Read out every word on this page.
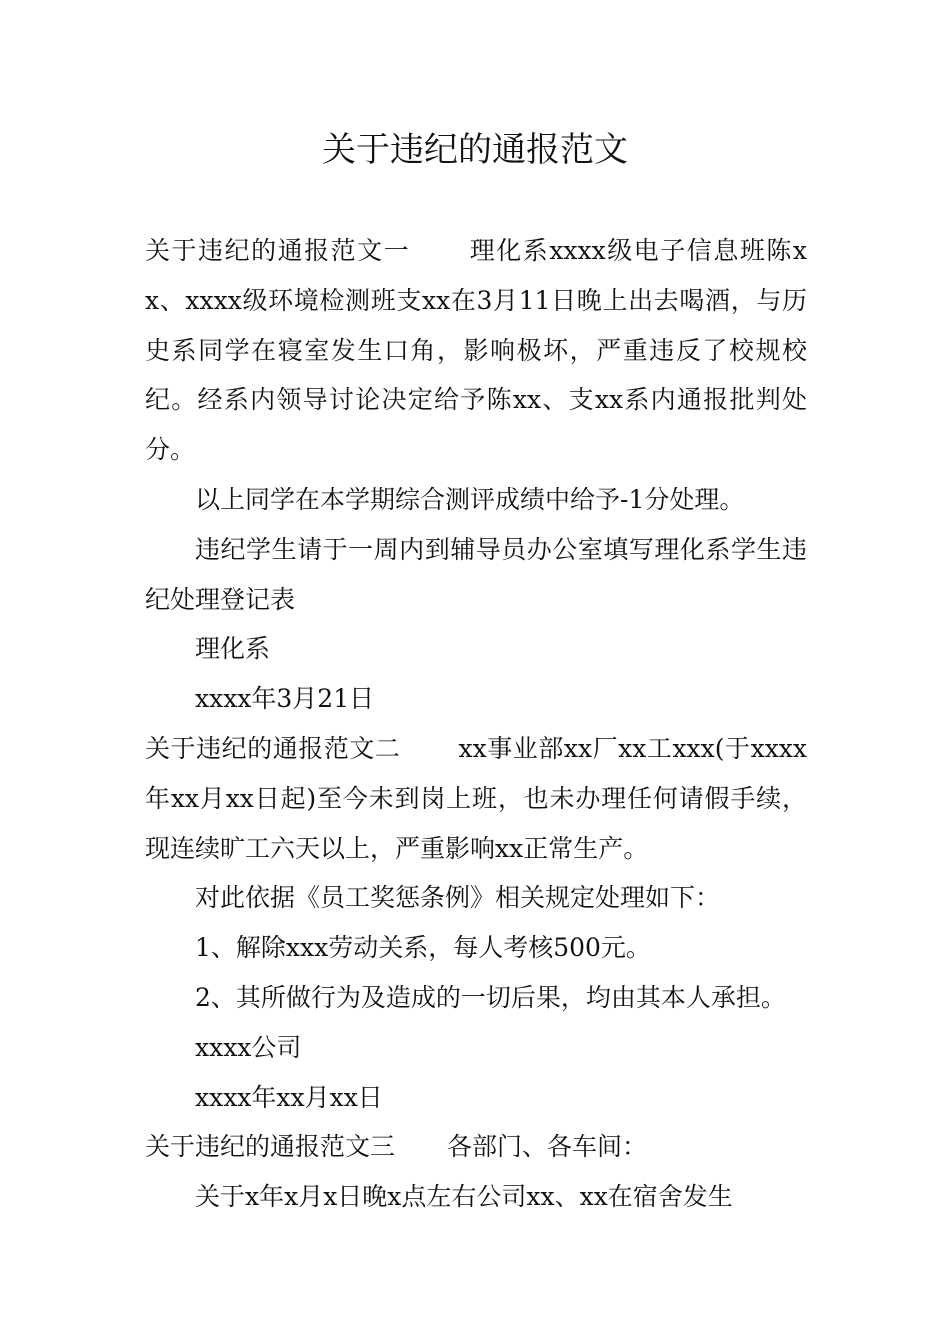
关于违纪的通报范文

关于违纪的通报范文一 理化系xxxx级电子信息班陈xx、xxxx级环境检测班支xx在3月11日晚上出去喝酒，与历史系同学在寝室发生口角，影响极坏，严重违反了校规校纪。经系内领导讨论决定给予陈xx、支xx系内通报批判处分。

以上同学在本学期综合测评成绩中给予-1分处理。

违纪学生请于一周内到辅导员办公室填写理化系学生违纪处理登记表

理化系

xxxx年3月21日

关于违纪的通报范文二 xx事业部xx厂xx工xxx(于xxxx年xx月xx日起)至今未到岗上班，也未办理任何请假手续，现连续旷工六天以上，严重影响xx正常生产。

对此依据《员工奖惩条例》相关规定处理如下：

1、解除xxx劳动关系，每人考核500元。

2、其所做行为及造成的一切后果，均由其本人承担。

xxxx公司

xxxx年xx月xx日

关于违纪的通报范文三 各部门、各车间：

关于x年x月x日晚x点左右公司xx、xx在宿舍发生
